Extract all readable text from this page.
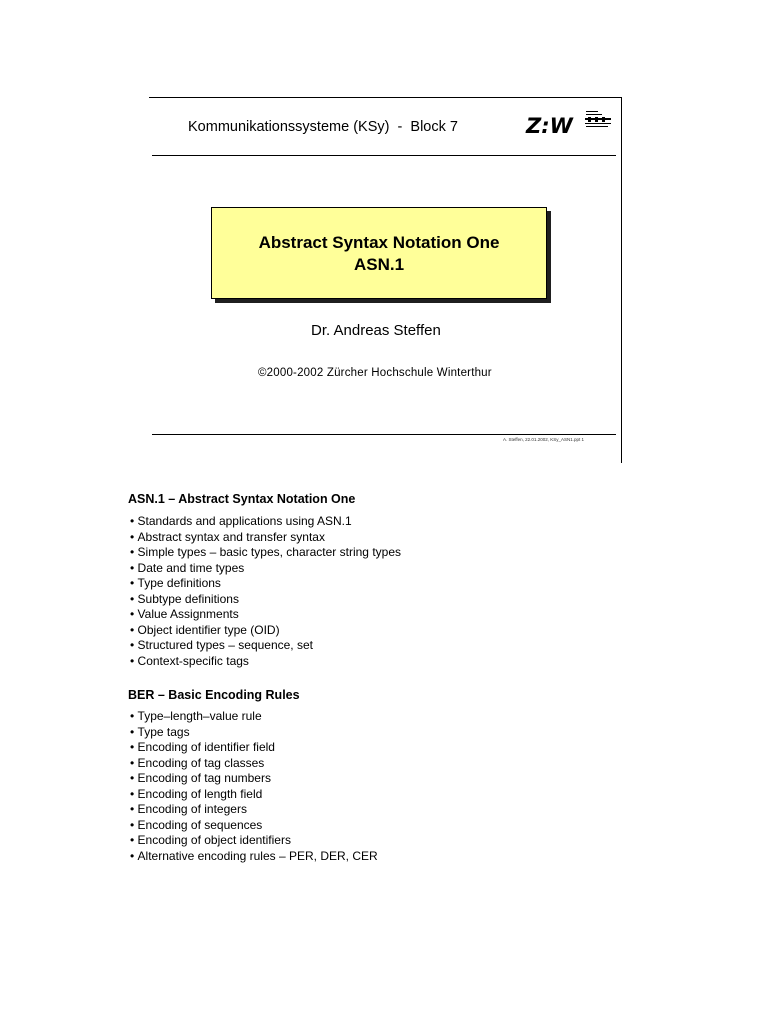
Kommunikationssysteme (KSy)  -  Block 7	Z:W
Abstract Syntax Notation One
ASN.1
Dr. Andreas Steffen
©2000-2002 Zürcher Hochschule Winterthur
A. Steffen, 22.01.2002, KSy_ASN1.ppt 1
ASN.1 – Abstract Syntax Notation One
• Standards and applications using ASN.1
• Abstract syntax and transfer syntax
• Simple types – basic types, character string types
• Date and time types
• Type definitions
• Subtype definitions
• Value Assignments
• Object identifier type (OID)
• Structured types – sequence, set
• Context-specific tags
BER – Basic Encoding Rules
• Type–length–value rule
• Type tags
• Encoding of identifier field
• Encoding of tag classes
• Encoding of tag numbers
• Encoding of length field
• Encoding of integers
• Encoding of sequences
• Encoding of object identifiers
• Alternative encoding rules – PER, DER, CER
